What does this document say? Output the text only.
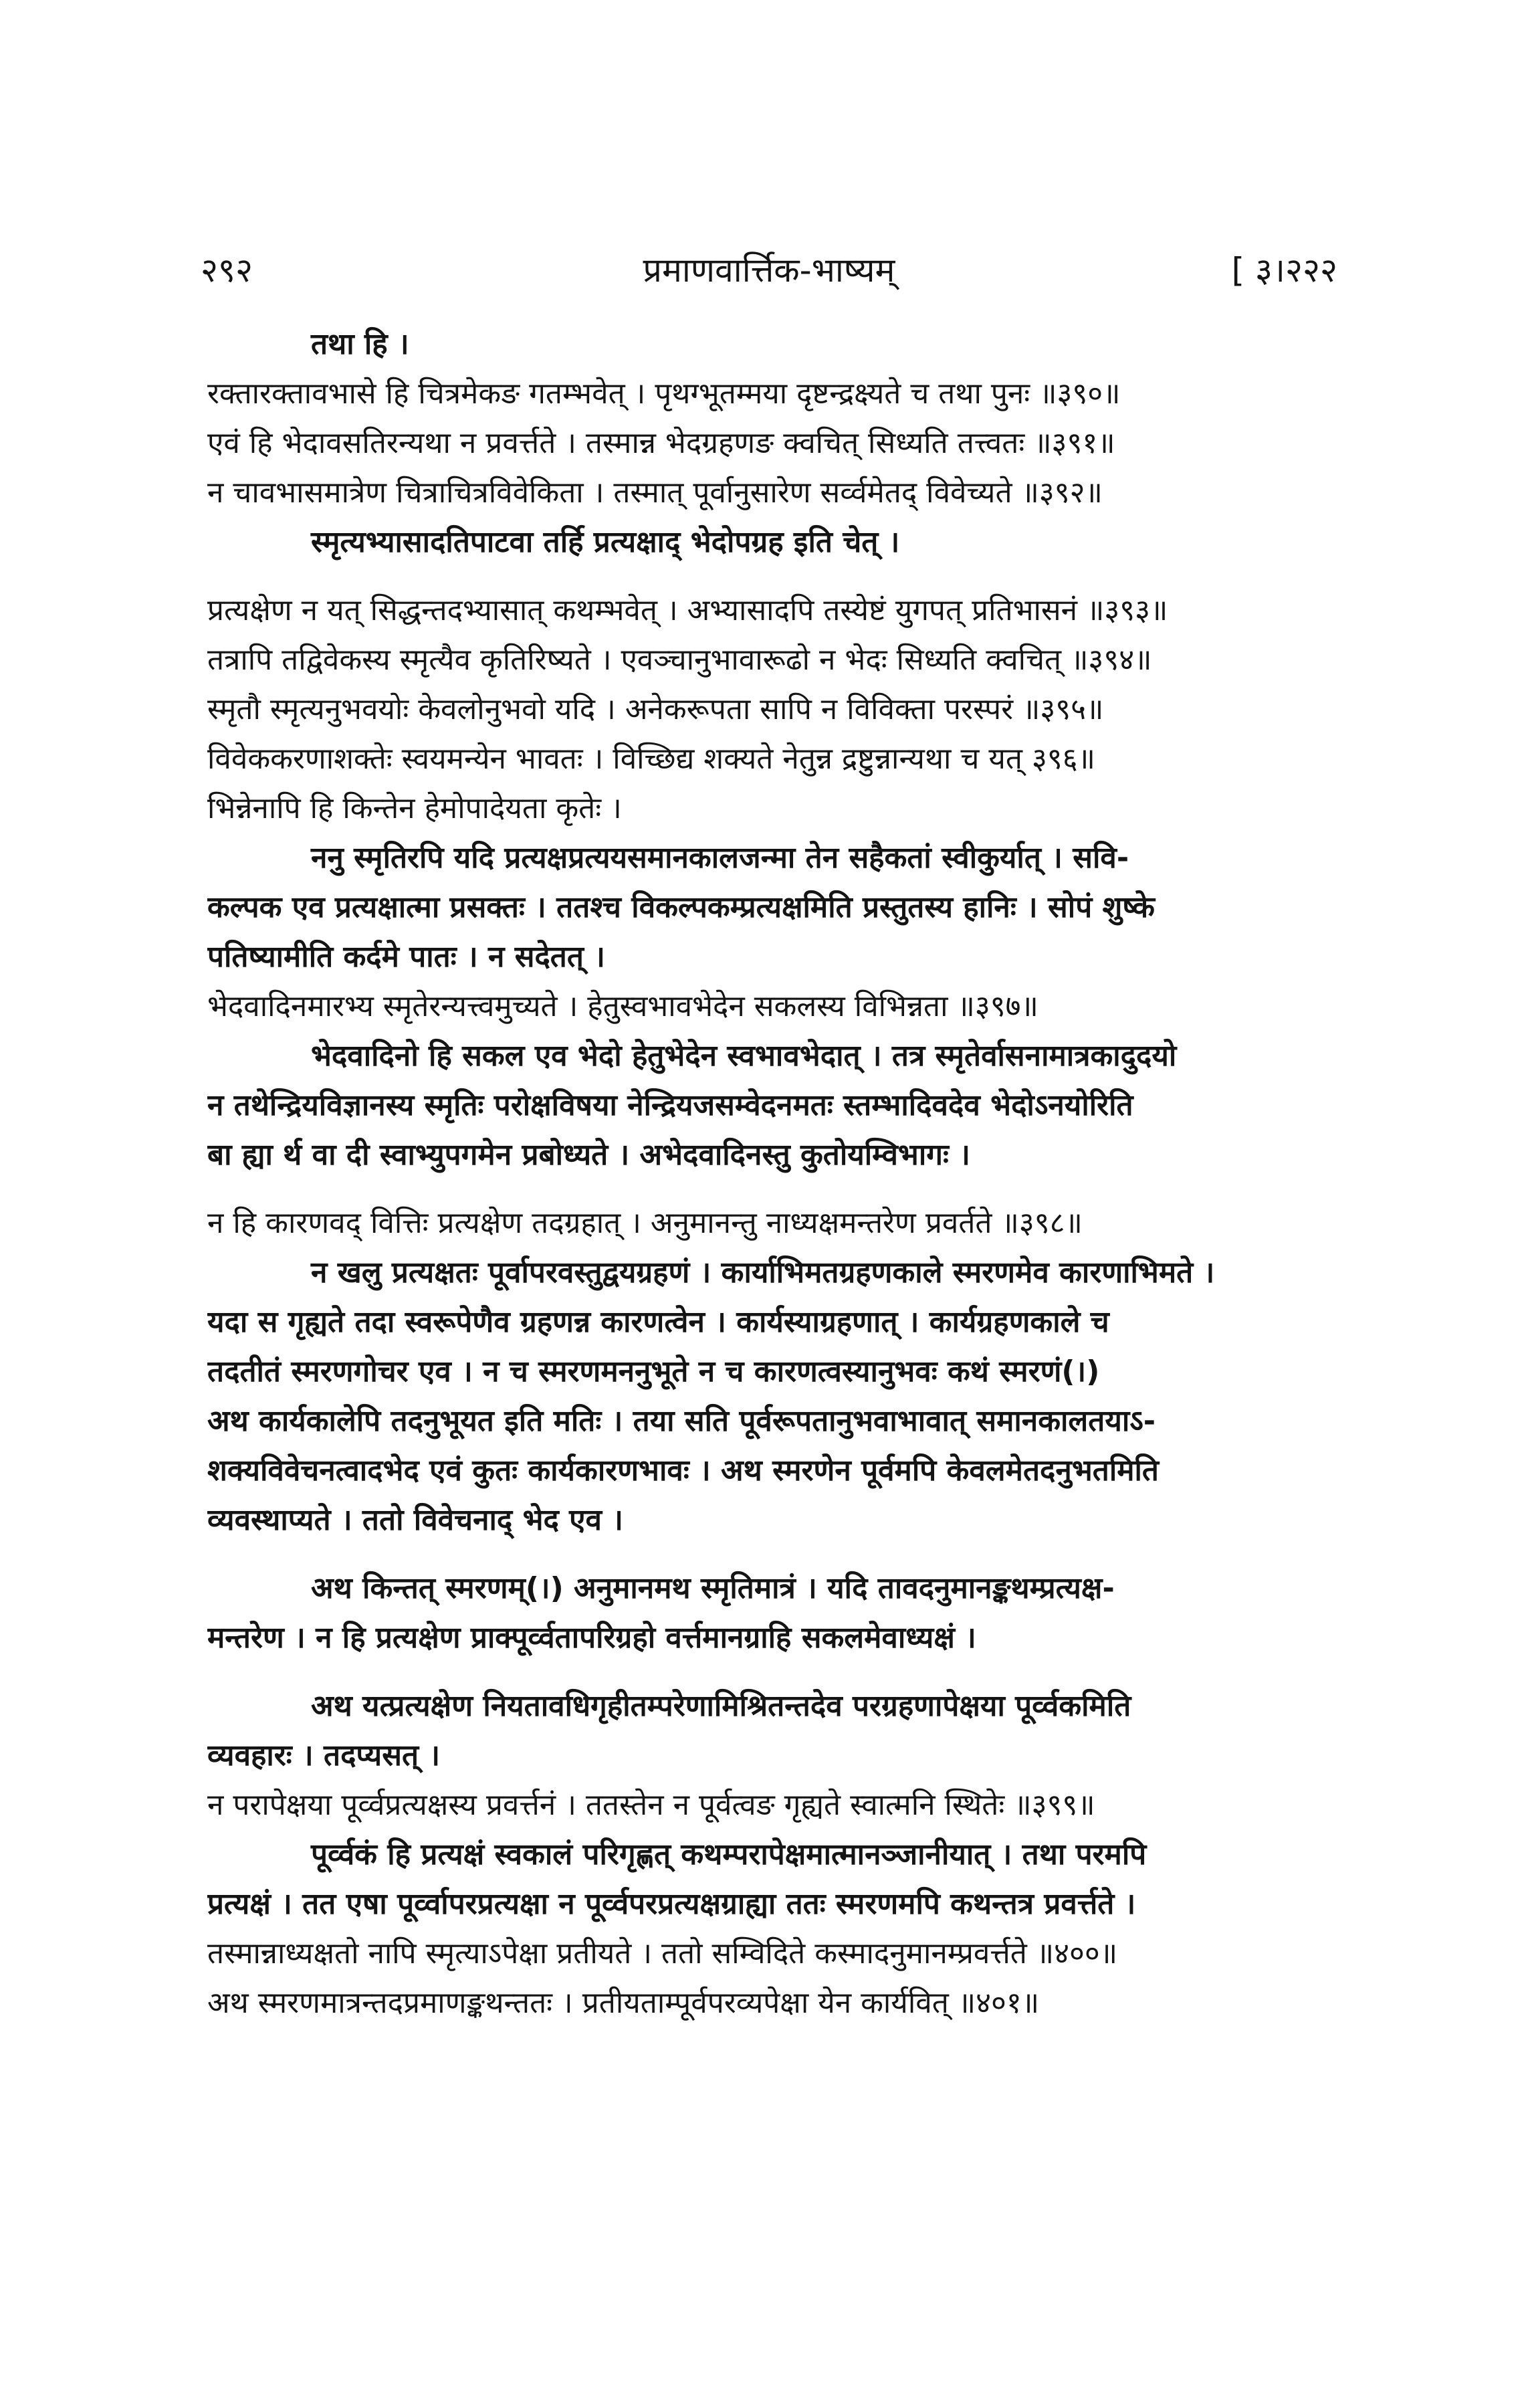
२९२	प्रमाणवार्त्तिक-भाष्यम्	[ ३।२२२
तथा हि ।
रक्तारक्तावभासे हि चित्रमेकङ गतम्भवेत् । पृथग्भूतम्मया दृष्टन्द्रक्ष्यते च तथा पुनः ॥३९०॥
एवं हि भेदावसतिरन्यथा न प्रवर्त्तते । तस्मान्न भेदग्रहणङ क्वचित् सिध्यति तत्त्वतः ॥३९१॥
न चावभासमात्रेण चित्राचित्रविवेकिता । तस्मात् पूर्वानुसारेण सर्व्वमेतद् विवेच्यते ॥३९२॥
स्मृत्यभ्यासादतिपाटवा तर्हि प्रत्यक्षाद् भेदोपग्रह इति चेत् ।
प्रत्यक्षेण न यत् सिद्धन्तदभ्यासात् कथम्भवेत् । अभ्यासादपि तस्येष्टं युगपत् प्रतिभासनं ॥३९३॥
तत्रापि तद्विवेकस्य स्मृत्यैव कृतिरिष्यते । एवञ्चानुभावारूढो न भेदः सिध्यति क्वचित् ॥३९४॥
स्मृतौ स्मृत्यनुभवयोः केवलोनुभवो यदि । अनेकरूपता सापि न विविक्ता परस्परं ॥३९५॥
विवेककरणाशक्तेः स्वयमन्येन भावतः । विच्छिद्य शक्यते नेतुन्न द्रष्टुन्नान्यथा च यत् ३९६॥
भिन्नेनापि हि किन्तेन हेमोपादेयता कृतेः ।
ननु स्मृतिरपि यदि प्रत्यक्षप्रत्ययसमानकालजन्मा तेन सहैकतां स्वीकुर्यात् । सवि-
कल्पक एव प्रत्यक्षात्मा प्रसक्तः । ततश्च विकल्पकम्प्रत्यक्षमिति प्रस्तुतस्य हानिः । सोपं शुष्के
पतिष्यामीति कर्दमे पातः । न सदेतत् ।
भेदवादिनमारभ्य स्मृतेरन्यत्त्वमुच्यते । हेतुस्वभावभेदेन सकलस्य विभिन्नता ॥३९७॥
भेदवादिनो हि सकल एव भेदो हेतुभेदेन स्वभावभेदात् । तत्र स्मृतेर्वासनामात्रकादुदयो
न तथेन्द्रियविज्ञानस्य स्मृतिः परोक्षविषया नेन्द्रियजसम्वेदनमतः स्तम्भादिवदेव भेदोऽनयोरिति
बा ह्या र्थ वा दी स्वाभ्युपगमेन प्रबोध्यते । अभेदवादिनस्तु कुतोयम्विभागः ।
न हि कारणवद् वित्तिः प्रत्यक्षेण तदग्रहात् । अनुमानन्तु नाध्यक्षमन्तरेण प्रवर्तते ॥३९८॥
न खलु प्रत्यक्षतः पूर्वापरवस्तुद्वयग्रहणं । कार्याभिमतग्रहणकाले स्मरणमेव कारणाभिमते ।
यदा स गृह्यते तदा स्वरूपेणैव ग्रहणन्न कारणत्वेन । कार्यस्याग्रहणात् । कार्यग्रहणकाले च
तदतीतं स्मरणगोचर एव । न च स्मरणमननुभूते न च कारणत्वस्यानुभवः कथं स्मरणं(।)
अथ कार्यकालेपि तदनुभूयत इति मतिः । तया सति पूर्वरूपतानुभवाभावात् समानकालतयाऽ-
शक्यविवेचनत्वादभेद एवं कुतः कार्यकारणभावः । अथ स्मरणेन पूर्वमपि केवलमेतदनुभतमिति
व्यवस्थाप्यते । ततो विवेचनाद् भेद एव ।
अथ किन्तत् स्मरणम्(।) अनुमानमथ स्मृतिमात्रं । यदि तावदनुमानङ्कथम्प्रत्यक्ष-
मन्तरेण । न हि प्रत्यक्षेण प्राक्पूर्व्वतापरिग्रहो वर्त्तमानग्राहि सकलमेवाध्यक्षं ।
अथ यत्प्रत्यक्षेण नियतावधिगृहीतम्परेणामिश्रितन्तदेव परग्रहणापेक्षया पूर्व्वकमिति
व्यवहारः । तदप्यसत् ।
न परापेक्षया पूर्व्वप्रत्यक्षस्य प्रवर्त्तनं । ततस्तेन न पूर्वत्वङ गृह्यते स्वात्मनि स्थितेः ॥३९९॥
पूर्व्वकं हि प्रत्यक्षं स्वकालं परिगृह्णत् कथम्परापेक्षमात्मानञ्जानीयात् । तथा परमपि
प्रत्यक्षं । तत एषा पूर्व्वापरप्रत्यक्षा न पूर्व्वपरप्रत्यक्षग्राह्या ततः स्मरणमपि कथन्तत्र प्रवर्त्तते ।
तस्मान्नाध्यक्षतो नापि स्मृत्याऽपेक्षा प्रतीयते । ततो सम्विदिते कस्मादनुमानम्प्रवर्त्तते ॥४००॥
अथ स्मरणमात्रन्तदप्रमाणङ्कथन्ततः । प्रतीयताम्पूर्वपरव्यपेक्षा येन कार्यवित् ॥४०१॥
